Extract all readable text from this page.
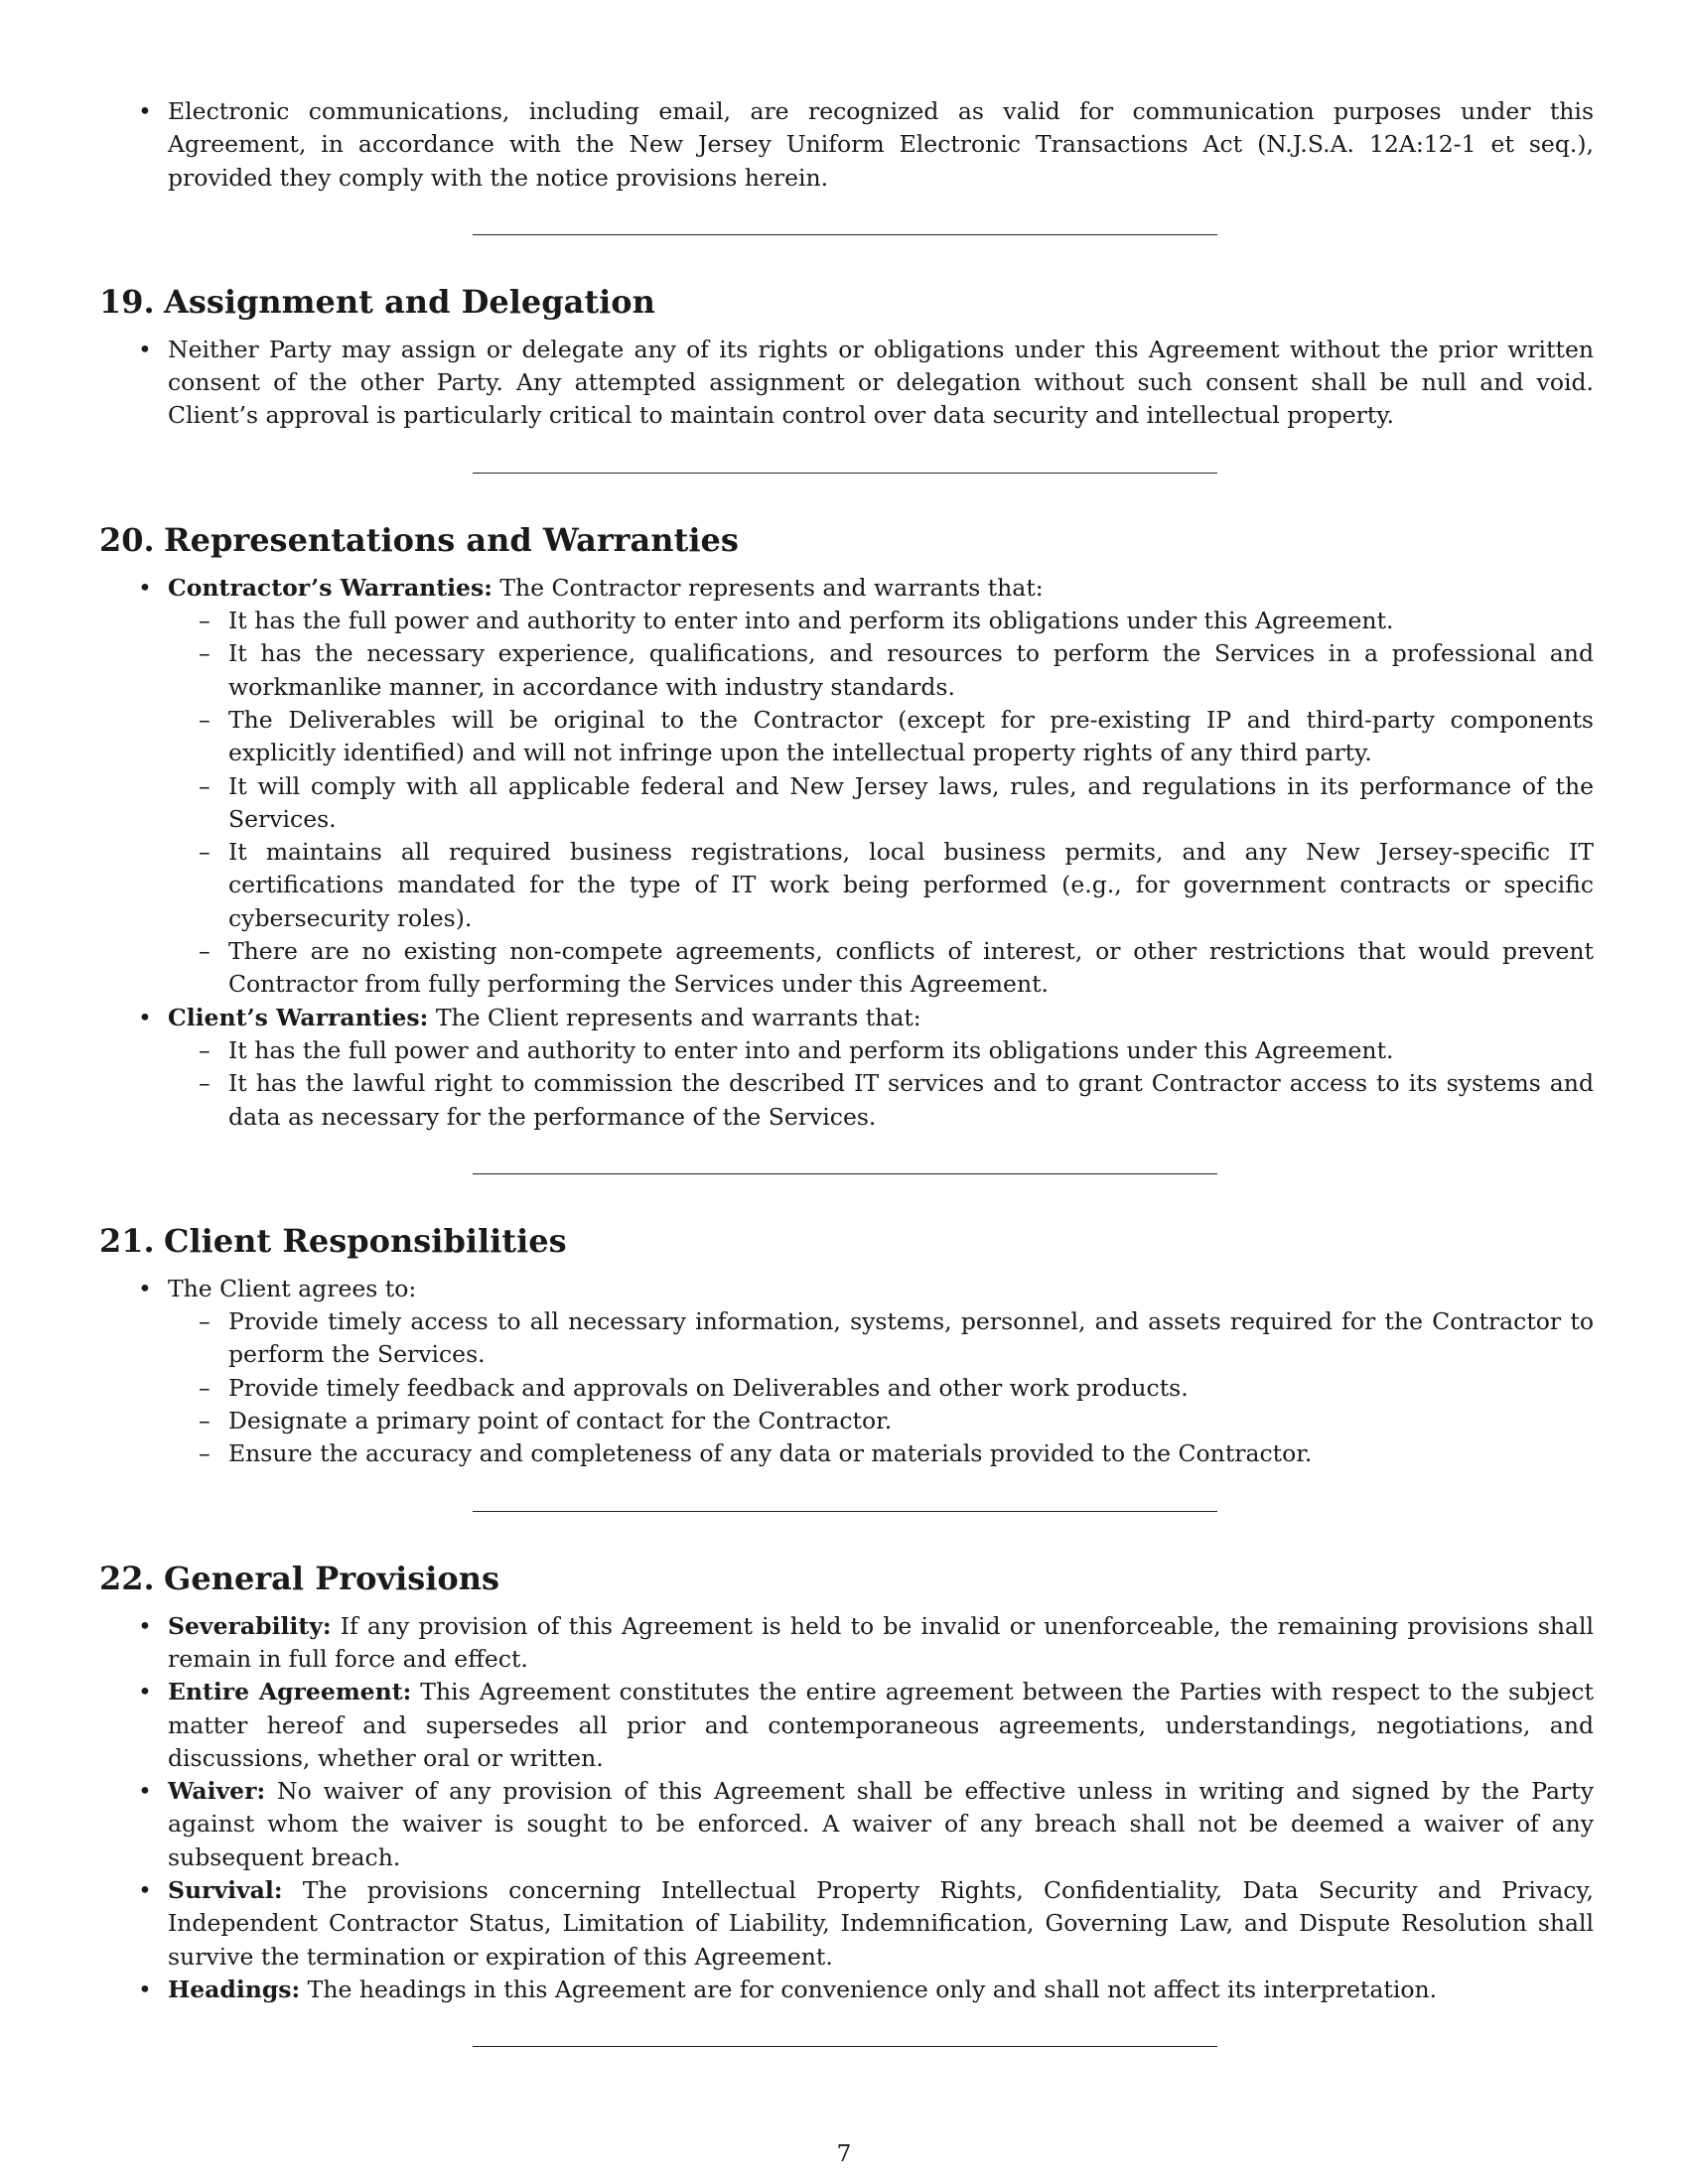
• Electronic communications, including email, are recognized as valid for communication purposes under this Agreement, in accordance with the New Jersey Uniform Electronic Transactions Act (N.J.S.A. 12A:12-1 et seq.), provided they comply with the notice provisions herein.
19. Assignment and Delegation
• Neither Party may assign or delegate any of its rights or obligations under this Agreement without the prior written consent of the other Party. Any attempted assignment or delegation without such consent shall be null and void. Client’s approval is particularly critical to maintain control over data security and intellectual property.
20. Representations and Warranties
• Contractor’s Warranties: The Contractor represents and warrants that:
– It has the full power and authority to enter into and perform its obligations under this Agreement.
– It has the necessary experience, qualifications, and resources to perform the Services in a professional and workmanlike manner, in accordance with industry standards.
– The Deliverables will be original to the Contractor (except for pre-existing IP and third-party components explicitly identified) and will not infringe upon the intellectual property rights of any third party.
– It will comply with all applicable federal and New Jersey laws, rules, and regulations in its performance of the Services.
– It maintains all required business registrations, local business permits, and any New Jersey-specific IT certifications mandated for the type of IT work being performed (e.g., for government contracts or specific cybersecurity roles).
– There are no existing non-compete agreements, conflicts of interest, or other restrictions that would prevent Contractor from fully performing the Services under this Agreement.
• Client’s Warranties: The Client represents and warrants that:
– It has the full power and authority to enter into and perform its obligations under this Agreement.
– It has the lawful right to commission the described IT services and to grant Contractor access to its systems and data as necessary for the performance of the Services.
21. Client Responsibilities
• The Client agrees to:
– Provide timely access to all necessary information, systems, personnel, and assets required for the Contractor to perform the Services.
– Provide timely feedback and approvals on Deliverables and other work products.
– Designate a primary point of contact for the Contractor.
– Ensure the accuracy and completeness of any data or materials provided to the Contractor.
22. General Provisions
• Severability: If any provision of this Agreement is held to be invalid or unenforceable, the remaining provisions shall remain in full force and effect.
• Entire Agreement: This Agreement constitutes the entire agreement between the Parties with respect to the subject matter hereof and supersedes all prior and contemporaneous agreements, understandings, negotiations, and discussions, whether oral or written.
• Waiver: No waiver of any provision of this Agreement shall be effective unless in writing and signed by the Party against whom the waiver is sought to be enforced. A waiver of any breach shall not be deemed a waiver of any subsequent breach.
• Survival: The provisions concerning Intellectual Property Rights, Confidentiality, Data Security and Privacy, Independent Contractor Status, Limitation of Liability, Indemnification, Governing Law, and Dispute Resolution shall survive the termination or expiration of this Agreement.
• Headings: The headings in this Agreement are for convenience only and shall not affect its interpretation.
7
